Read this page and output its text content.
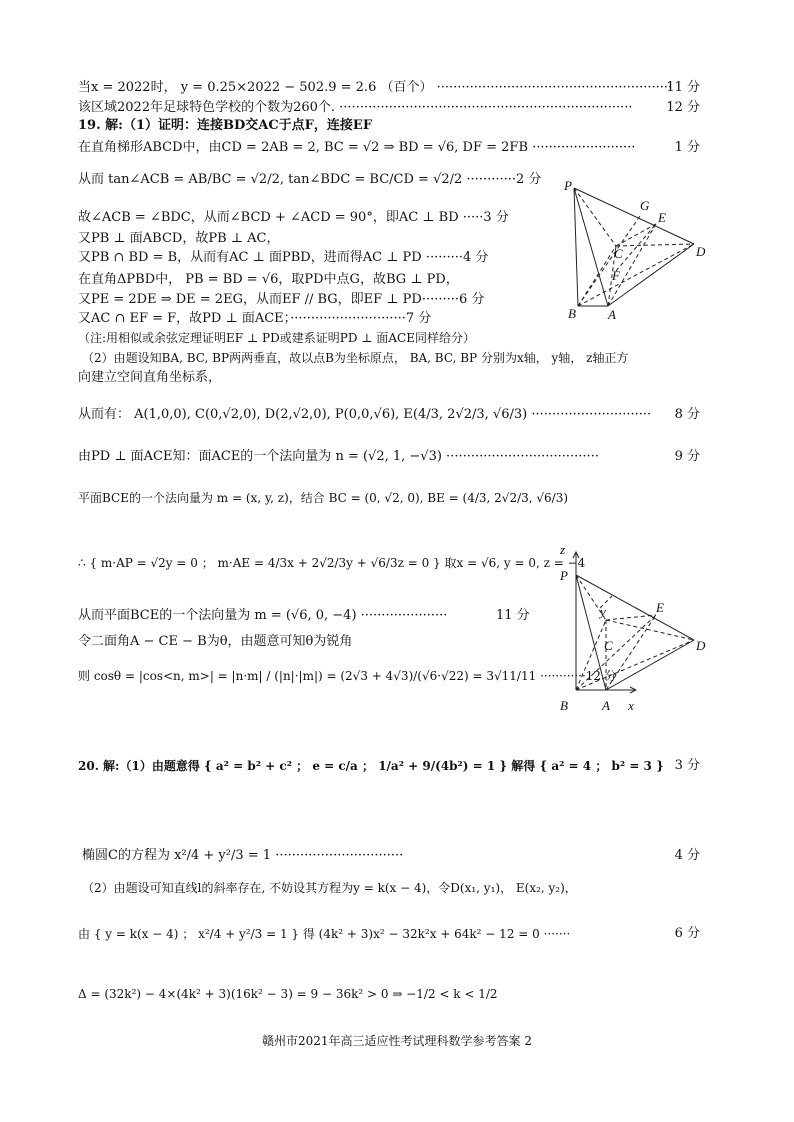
当x = 2022时， y = 0.25×2022 − 502.9 = 2.6 （百个） ·························································
11 分
该区域2022年足球特色学校的个数为260个. ·······································································	12 分
19. 解:（1）证明：连接BD交AC于点F，连接EF
在直角梯形ABCD中，由CD = 2AB = 2, BC = √2 ⇒ BD = √6, DF = 2FB ·························	1 分
从而 tan∠ACB = AB/BC = √2/2, tan∠BDC = BC/CD = √2/2 ············2 分
故∠ACB = ∠BDC，从而∠BCD + ∠ACD = 90°，即AC ⊥ BD ·····3 分
又PB ⊥ 面ABCD，故PB ⊥ AC，
又PB ∩ BD = B，从而有AC ⊥ 面PBD，进而得AC ⊥ PD ·········4 分
在直角ΔPBD中， PB = BD = √6，取PD中点G，故BG ⊥ PD，
又PE = 2DE ⇒ DE = 2EG，从而EF // BG，即EF ⊥ PD·········6 分
又AC ∩ EF = F，故PD ⊥ 面ACE；····························7 分
（注:用相似或余弦定理证明EF ⊥ PD或建系证明PD ⊥ 面ACE同样给分）
（2）由题设知BA, BC, BP两两垂直，故以点B为坐标原点， BA, BC, BP 分别为x轴， y轴， z轴正方
向建立空间直角坐标系，
从而有： A(1,0,0), C(0,√2,0), D(2,√2,0), P(0,0,√6), E(4/3, 2√2/3, √6/3) ····························· 8 分
由PD ⊥ 面ACE知：面ACE的一个法向量为 n = (√2, 1, −√3) ·····································	9 分
平面BCE的一个法向量为 m = (x, y, z)，结合 BC = (0, √2, 0), BE = (4/3, 2√2/3, √6/3)
∴ { m·AP = √2y = 0 ； m·AE = 4/3x + 2√2/3y + √6/3z = 0 } 取x = √6, y = 0, z = −4
从而平面BCE的一个法向量为 m = (√6, 0, −4) ·····················	11 分
令二面角A − CE − B为θ，由题意可知θ为锐角
则 cosθ = |cos<n, m>| = |n·m| / (|n|·|m|) = (2√3 + 4√3)/(√6·√22) = 3√11/11 ············12 分
20. 解:（1）由题意得 { a² = b² + c² ； e = c/a ； 1/a² + 9/(4b²) = 1 } 解得 { a² = 4 ； b² = 3 } 3 分
椭圆C的方程为 x²/4 + y²/3 = 1 ·······························	4 分
（2）由题设可知直线l的斜率存在, 不妨设其方程为y = k(x − 4)，令D(x₁, y₁)， E(x₂, y₂)，
由 { y = k(x − 4) ； x²/4 + y²/3 = 1 } 得 (4k² + 3)x² − 32k²x + 64k² − 12 = 0 ·······	6 分
Δ = (32k²) − 4×(4k² + 3)(16k² − 3) = 9 − 36k² > 0 ⇒ −1/2 < k < 1/2
P
G
E
C	D
F
B A
z
P
y	E
C	D
B	A x
赣州市2021年高三适应性考试理科数学参考答案 2
